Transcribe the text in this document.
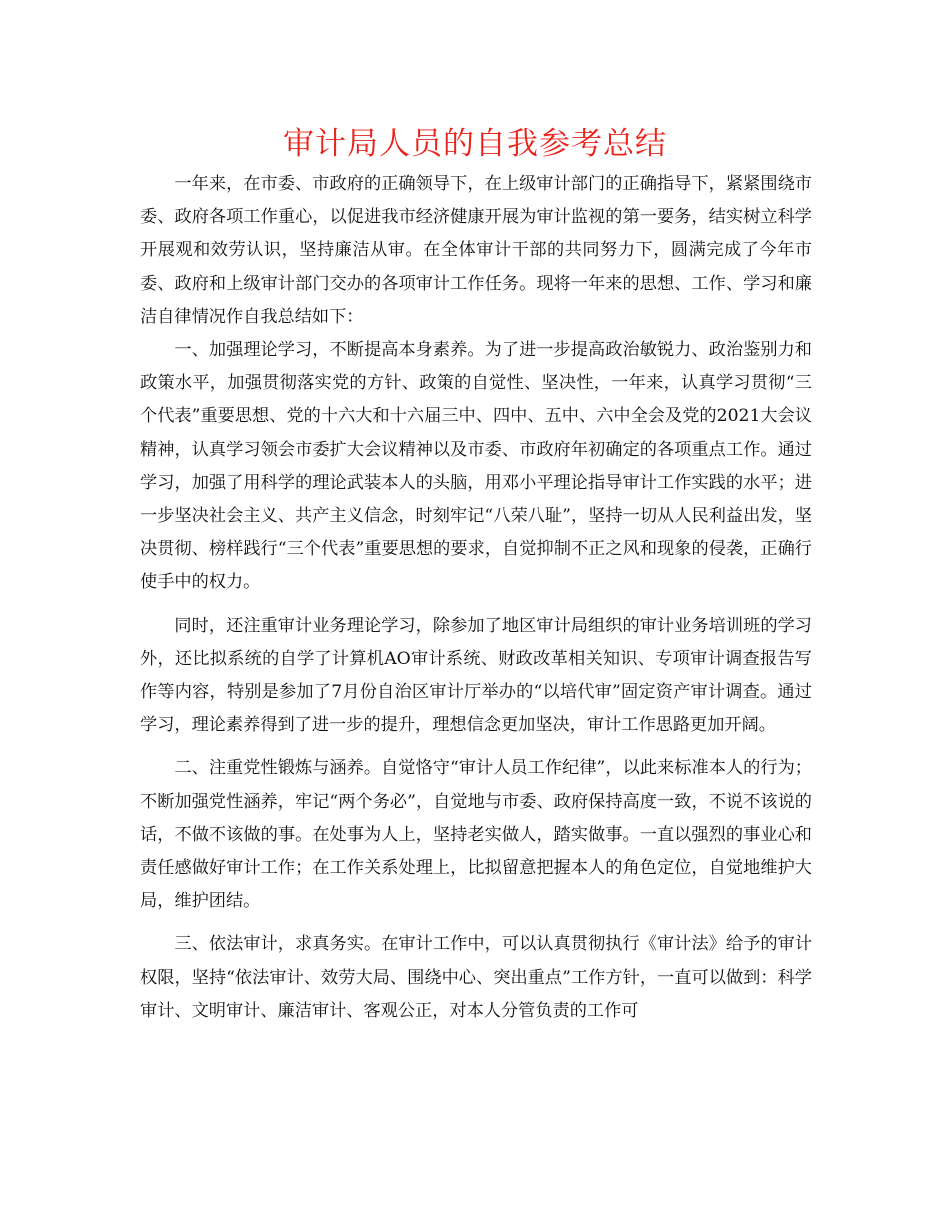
审计局人员的自我参考总结

一年来，在市委、市政府的正确领导下，在上级审计部门的正确指导下，紧紧围绕市委、政府各项工作重心，以促进我市经济健康开展为审计监视的第一要务，结实树立科学开展观和效劳认识，坚持廉洁从审。在全体审计干部的共同努力下，圆满完成了今年市委、政府和上级审计部门交办的各项审计工作任务。现将一年来的思想、工作、学习和廉洁自律情况作自我总结如下：

一、加强理论学习，不断提高本身素养。为了进一步提高政治敏锐力、政治鉴别力和政策水平，加强贯彻落实党的方针、政策的自觉性、坚决性，一年来，认真学习贯彻“三个代表”重要思想、党的十六大和十六届三中、四中、五中、六中全会及党的2021大会议精神，认真学习领会市委扩大会议精神以及市委、市政府年初确定的各项重点工作。通过学习，加强了用科学的理论武装本人的头脑，用邓小平理论指导审计工作实践的水平；进一步坚决社会主义、共产主义信念，时刻牢记“八荣八耻”，坚持一切从人民利益出发，坚决贯彻、榜样践行“三个代表”重要思想的要求，自觉抑制不正之风和现象的侵袭，正确行使手中的权力。

同时，还注重审计业务理论学习，除参加了地区审计局组织的审计业务培训班的学习外，还比拟系统的自学了计算机AO审计系统、财政改革相关知识、专项审计调查报告写作等内容，特别是参加了7月份自治区审计厅举办的“以培代审”固定资产审计调查。通过学习，理论素养得到了进一步的提升，理想信念更加坚决，审计工作思路更加开阔。

二、注重党性锻炼与涵养。自觉恪守“审计人员工作纪律”，以此来标准本人的行为；不断加强党性涵养，牢记“两个务必”，自觉地与市委、政府保持高度一致，不说不该说的话，不做不该做的事。在处事为人上，坚持老实做人，踏实做事。一直以强烈的事业心和责任感做好审计工作；在工作关系处理上，比拟留意把握本人的角色定位，自觉地维护大局，维护团结。

三、依法审计，求真务实。在审计工作中，可以认真贯彻执行《审计法》给予的审计权限，坚持“依法审计、效劳大局、围绕中心、突出重点”工作方针，一直可以做到：科学审计、文明审计、廉洁审计、客观公正，对本人分管负责的工作可
